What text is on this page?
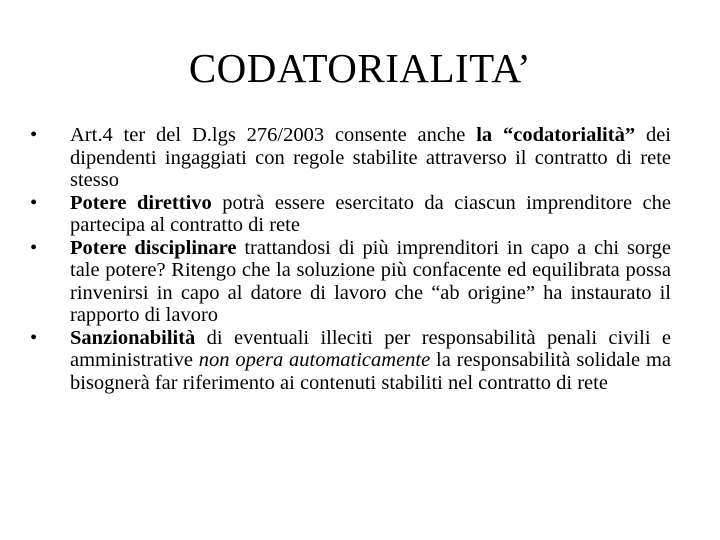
CODATORIALITA’
•	Art.4 ter del D.lgs 276/2003 consente anche la “codatorialità” dei dipendenti ingaggiati con regole stabilite attraverso il contratto di rete stesso
•	Potere direttivo potrà essere esercitato da ciascun imprenditore che partecipa al contratto di rete
•	Potere disciplinare trattandosi di più imprenditori in capo a chi sorge tale potere? Ritengo che la soluzione più confacente ed equilibrata possa rinvenirsi in capo al datore di lavoro che “ab origine” ha instaurato il rapporto di lavoro
•	Sanzionabilità di eventuali illeciti per responsabilità penali civili e amministrative non opera automaticamente la responsabilità solidale ma bisognerà far riferimento ai contenuti stabiliti nel contratto di rete
